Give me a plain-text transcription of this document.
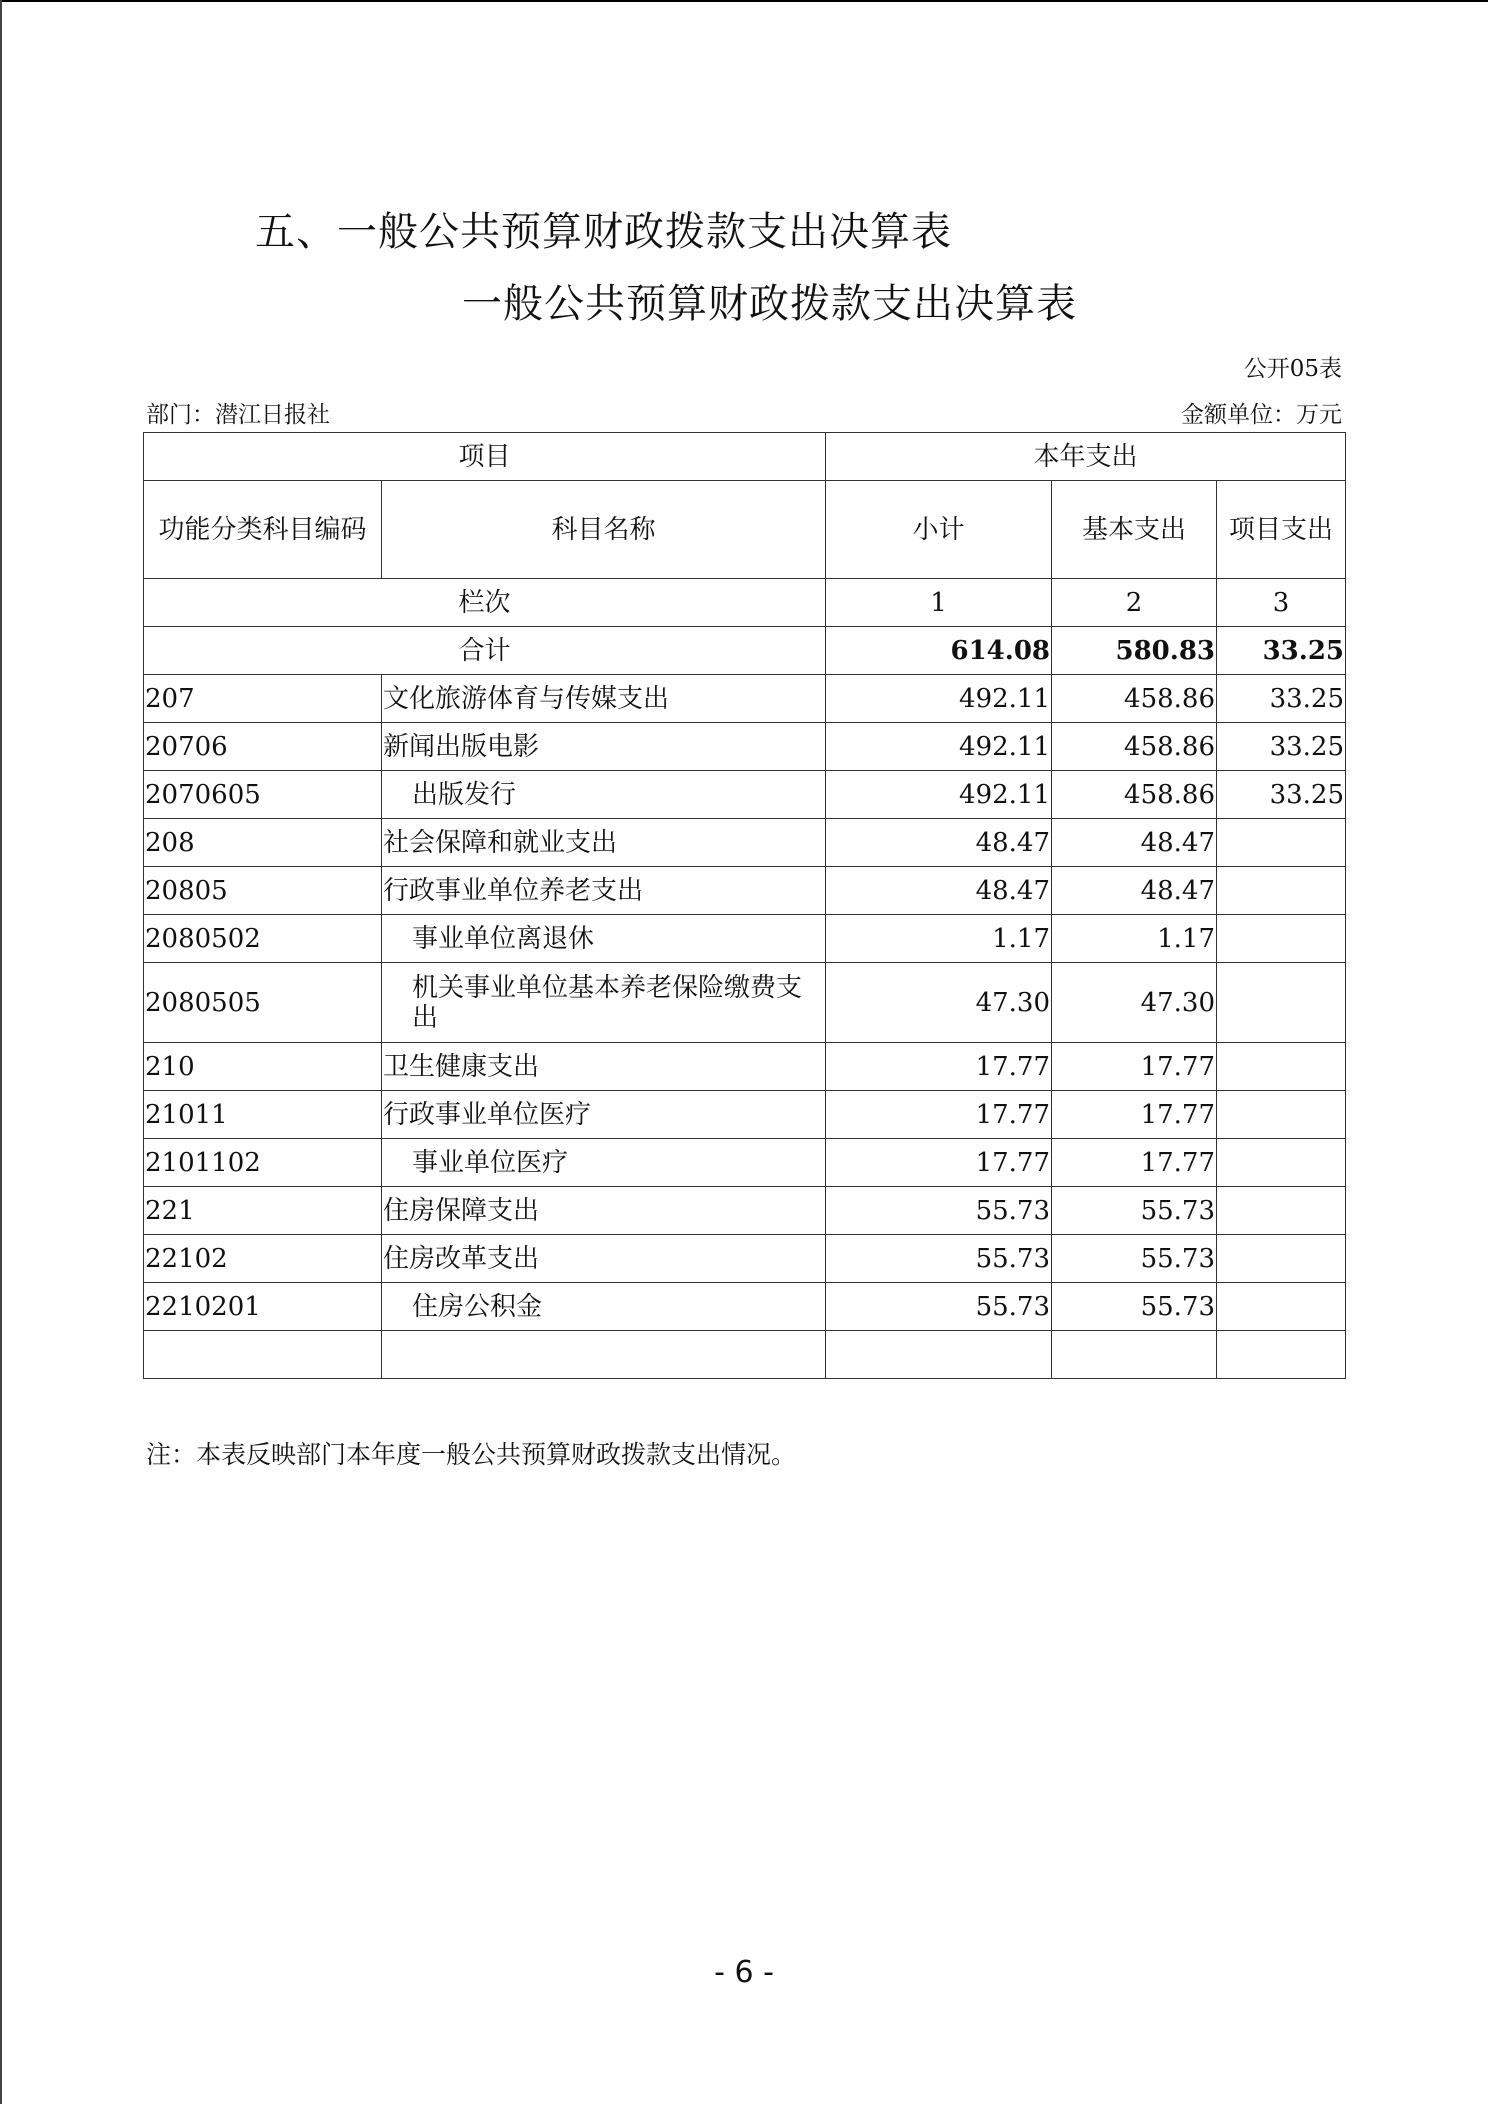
五、一般公共预算财政拨款支出决算表
一般公共预算财政拨款支出决算表
公开05表
部门：潜江日报社	金额单位：万元
项目		本年支出		
功能分类科目编码	科目名称	小计	基本支出	项目支出
栏次		1	2	3
合计		614.08	580.83	33.25
207	文化旅游体育与传媒支出	492.11	458.86	33.25
20706	新闻出版电影	492.11	458.86	33.25
2070605	出版发行	492.11	458.86	33.25
208	社会保障和就业支出	48.47	48.47	
20805	行政事业单位养老支出	48.47	48.47	
2080502	事业单位离退休	1.17	1.17	
2080505	机关事业单位基本养老保险缴费支出	47.30	47.30	
210	卫生健康支出	17.77	17.77	
21011	行政事业单位医疗	17.77	17.77	
2101102	事业单位医疗	17.77	17.77	
221	住房保障支出	55.73	55.73	
22102	住房改革支出	55.73	55.73	
2210201	住房公积金	55.73	55.73	

注：本表反映部门本年度一般公共预算财政拨款支出情况。
- 6 -
